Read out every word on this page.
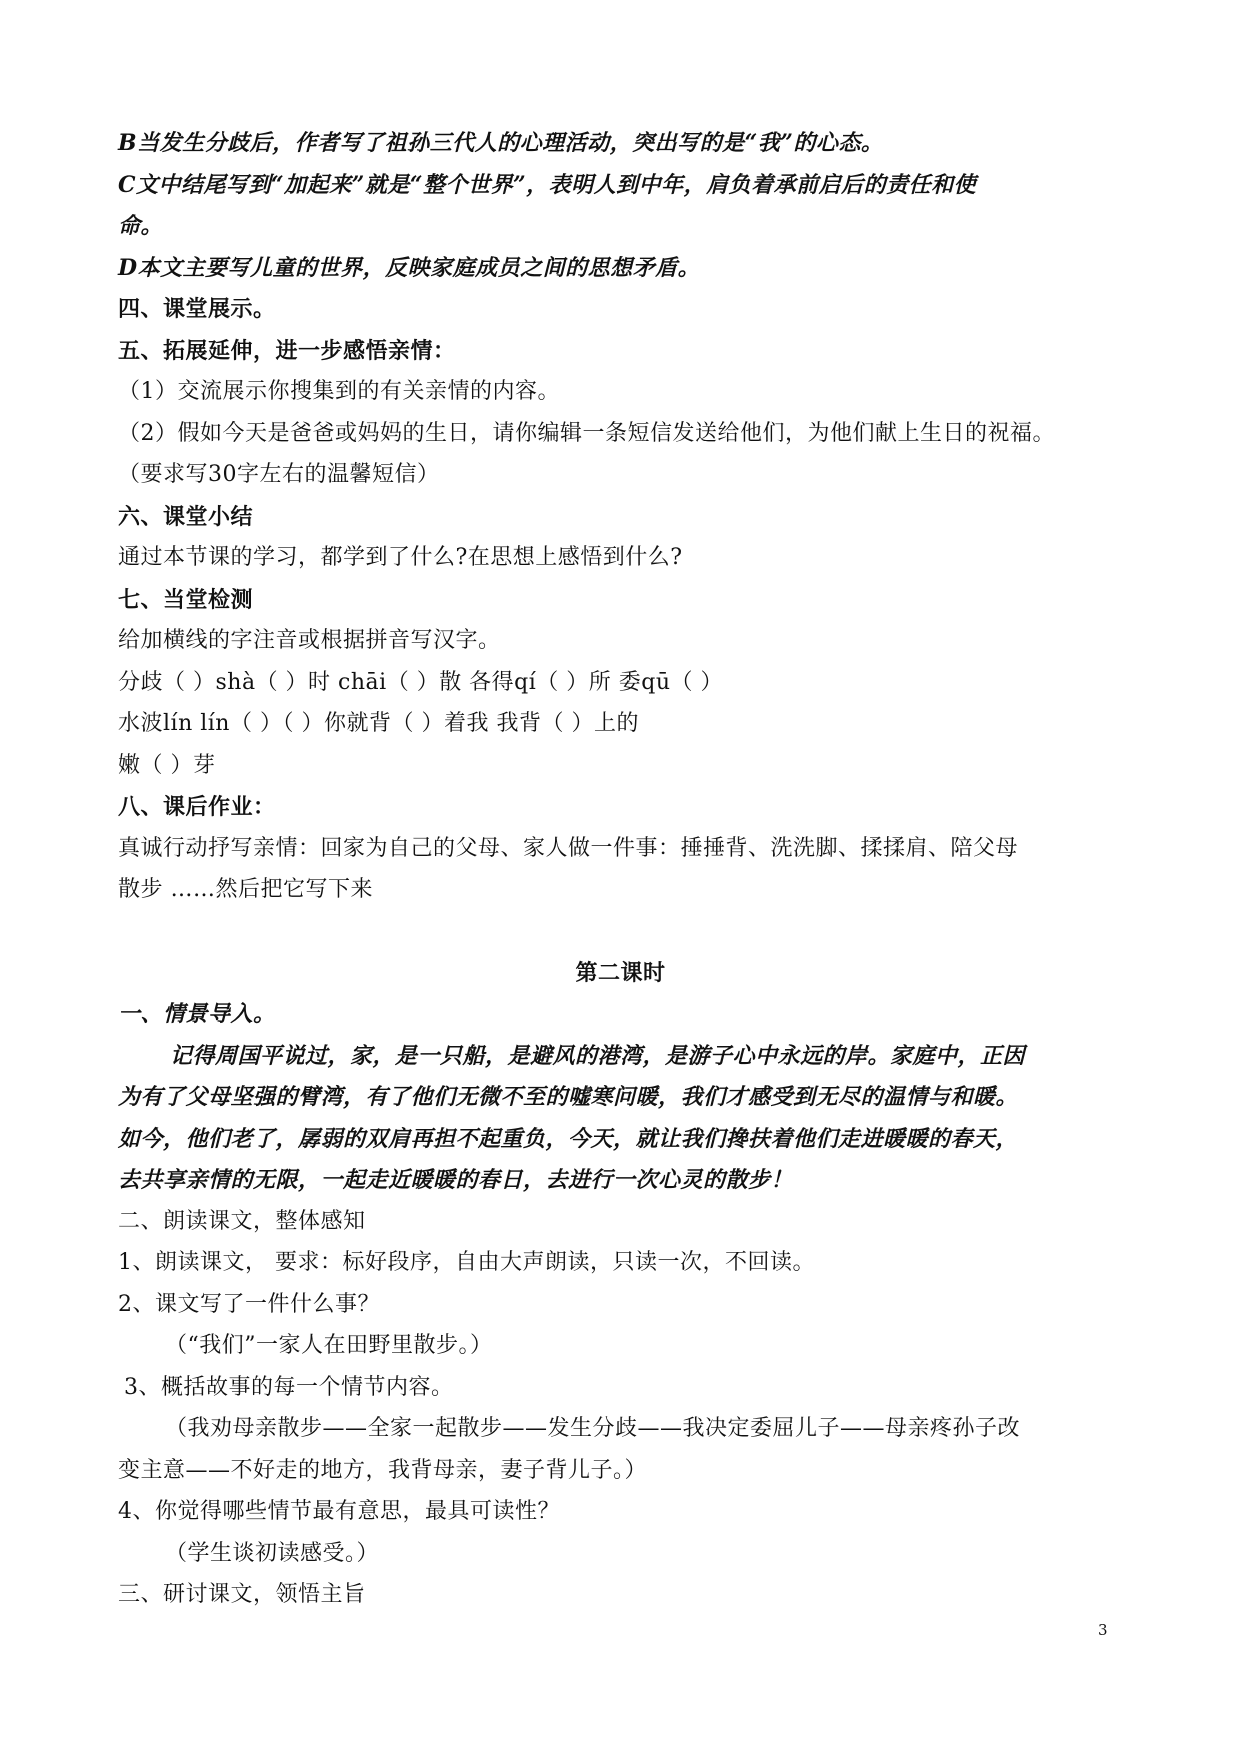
B当发生分歧后，作者写了祖孙三代人的心理活动，突出写的是“我”的心态。
C文中结尾写到“加起来”就是“整个世界”，表明人到中年，肩负着承前启后的责任和使
命。
D本文主要写儿童的世界，反映家庭成员之间的思想矛盾。
四、课堂展示。
五、拓展延伸，进一步感悟亲情：
（1）交流展示你搜集到的有关亲情的内容。
（2）假如今天是爸爸或妈妈的生日，请你编辑一条短信发送给他们，为他们献上生日的祝福。
（要求写30字左右的温馨短信）
六、课堂小结
通过本节课的学习，都学到了什么?在思想上感悟到什么?
七、当堂检测
给加横线的字注音或根据拼音写汉字。
分歧（ ）shà（ ）时 chāi（ ）散 各得qí（ ）所 委qū（ ）
水波lín lín（ ）（ ）你就背（ ）着我 我背（ ）上的
嫩（ ）芽
八、课后作业：
真诚行动抒写亲情：回家为自己的父母、家人做一件事：捶捶背、洗洗脚、揉揉肩、陪父母
散步 ……然后把它写下来
第二课时
一、情景导入。
记得周国平说过，家，是一只船，是避风的港湾，是游子心中永远的岸。家庭中，正因
为有了父母坚强的臂湾，有了他们无微不至的嘘寒问暖，我们才感受到无尽的温情与和暖。
如今，他们老了，孱弱的双肩再担不起重负，今天，就让我们搀扶着他们走进暖暖的春天，
去共享亲情的无限，一起走近暖暖的春日，去进行一次心灵的散步！
二、朗读课文，整体感知
1、朗读课文， 要求：标好段序，自由大声朗读，只读一次，不回读。
2、课文写了一件什么事？
（“我们”一家人在田野里散步。）
3、概括故事的每一个情节内容。
（我劝母亲散步——全家一起散步——发生分歧——我决定委屈儿子——母亲疼孙子改
变主意——不好走的地方，我背母亲，妻子背儿子。）
4、你觉得哪些情节最有意思，最具可读性？
（学生谈初读感受。）
三、研讨课文，领悟主旨
3
